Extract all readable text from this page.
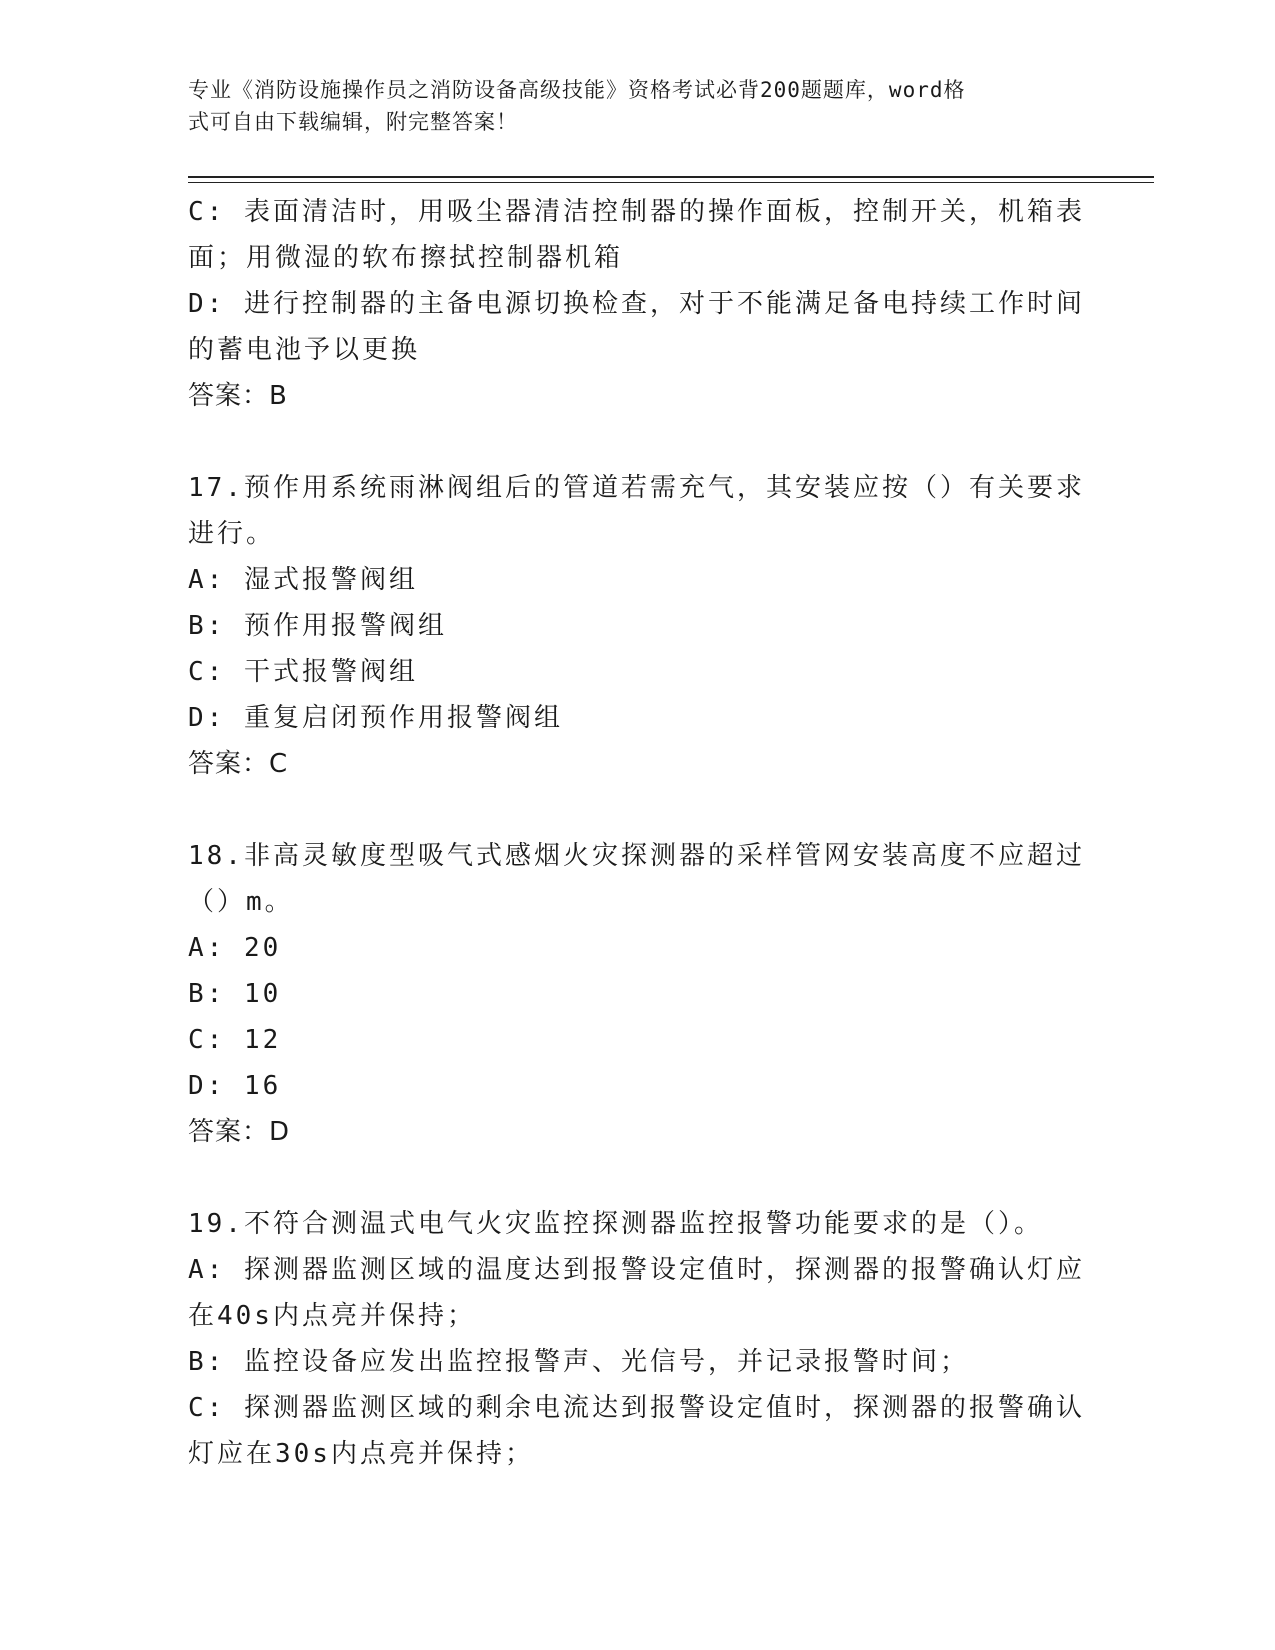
专业《消防设施操作员之消防设备高级技能》资格考试必背200题题库，word格
式可自由下载编辑，附完整答案！
C: 表面清洁时，用吸尘器清洁控制器的操作面板，控制开关，机箱表
面；用微湿的软布擦拭控制器机箱
D: 进行控制器的主备电源切换检查，对于不能满足备电持续工作时间
的蓄电池予以更换
答案：B
17.预作用系统雨淋阀组后的管道若需充气，其安装应按（）有关要求
进行。
A: 湿式报警阀组
B: 预作用报警阀组
C: 干式报警阀组
D: 重复启闭预作用报警阀组
答案：C
18.非高灵敏度型吸气式感烟火灾探测器的采样管网安装高度不应超过
（）m。
A: 20
B: 10
C: 12
D: 16
答案：D
19.不符合测温式电气火灾监控探测器监控报警功能要求的是（）。
A: 探测器监测区域的温度达到报警设定值时，探测器的报警确认灯应
在40s内点亮并保持；
B: 监控设备应发出监控报警声、光信号，并记录报警时间；
C: 探测器监测区域的剩余电流达到报警设定值时，探测器的报警确认
灯应在30s内点亮并保持；
